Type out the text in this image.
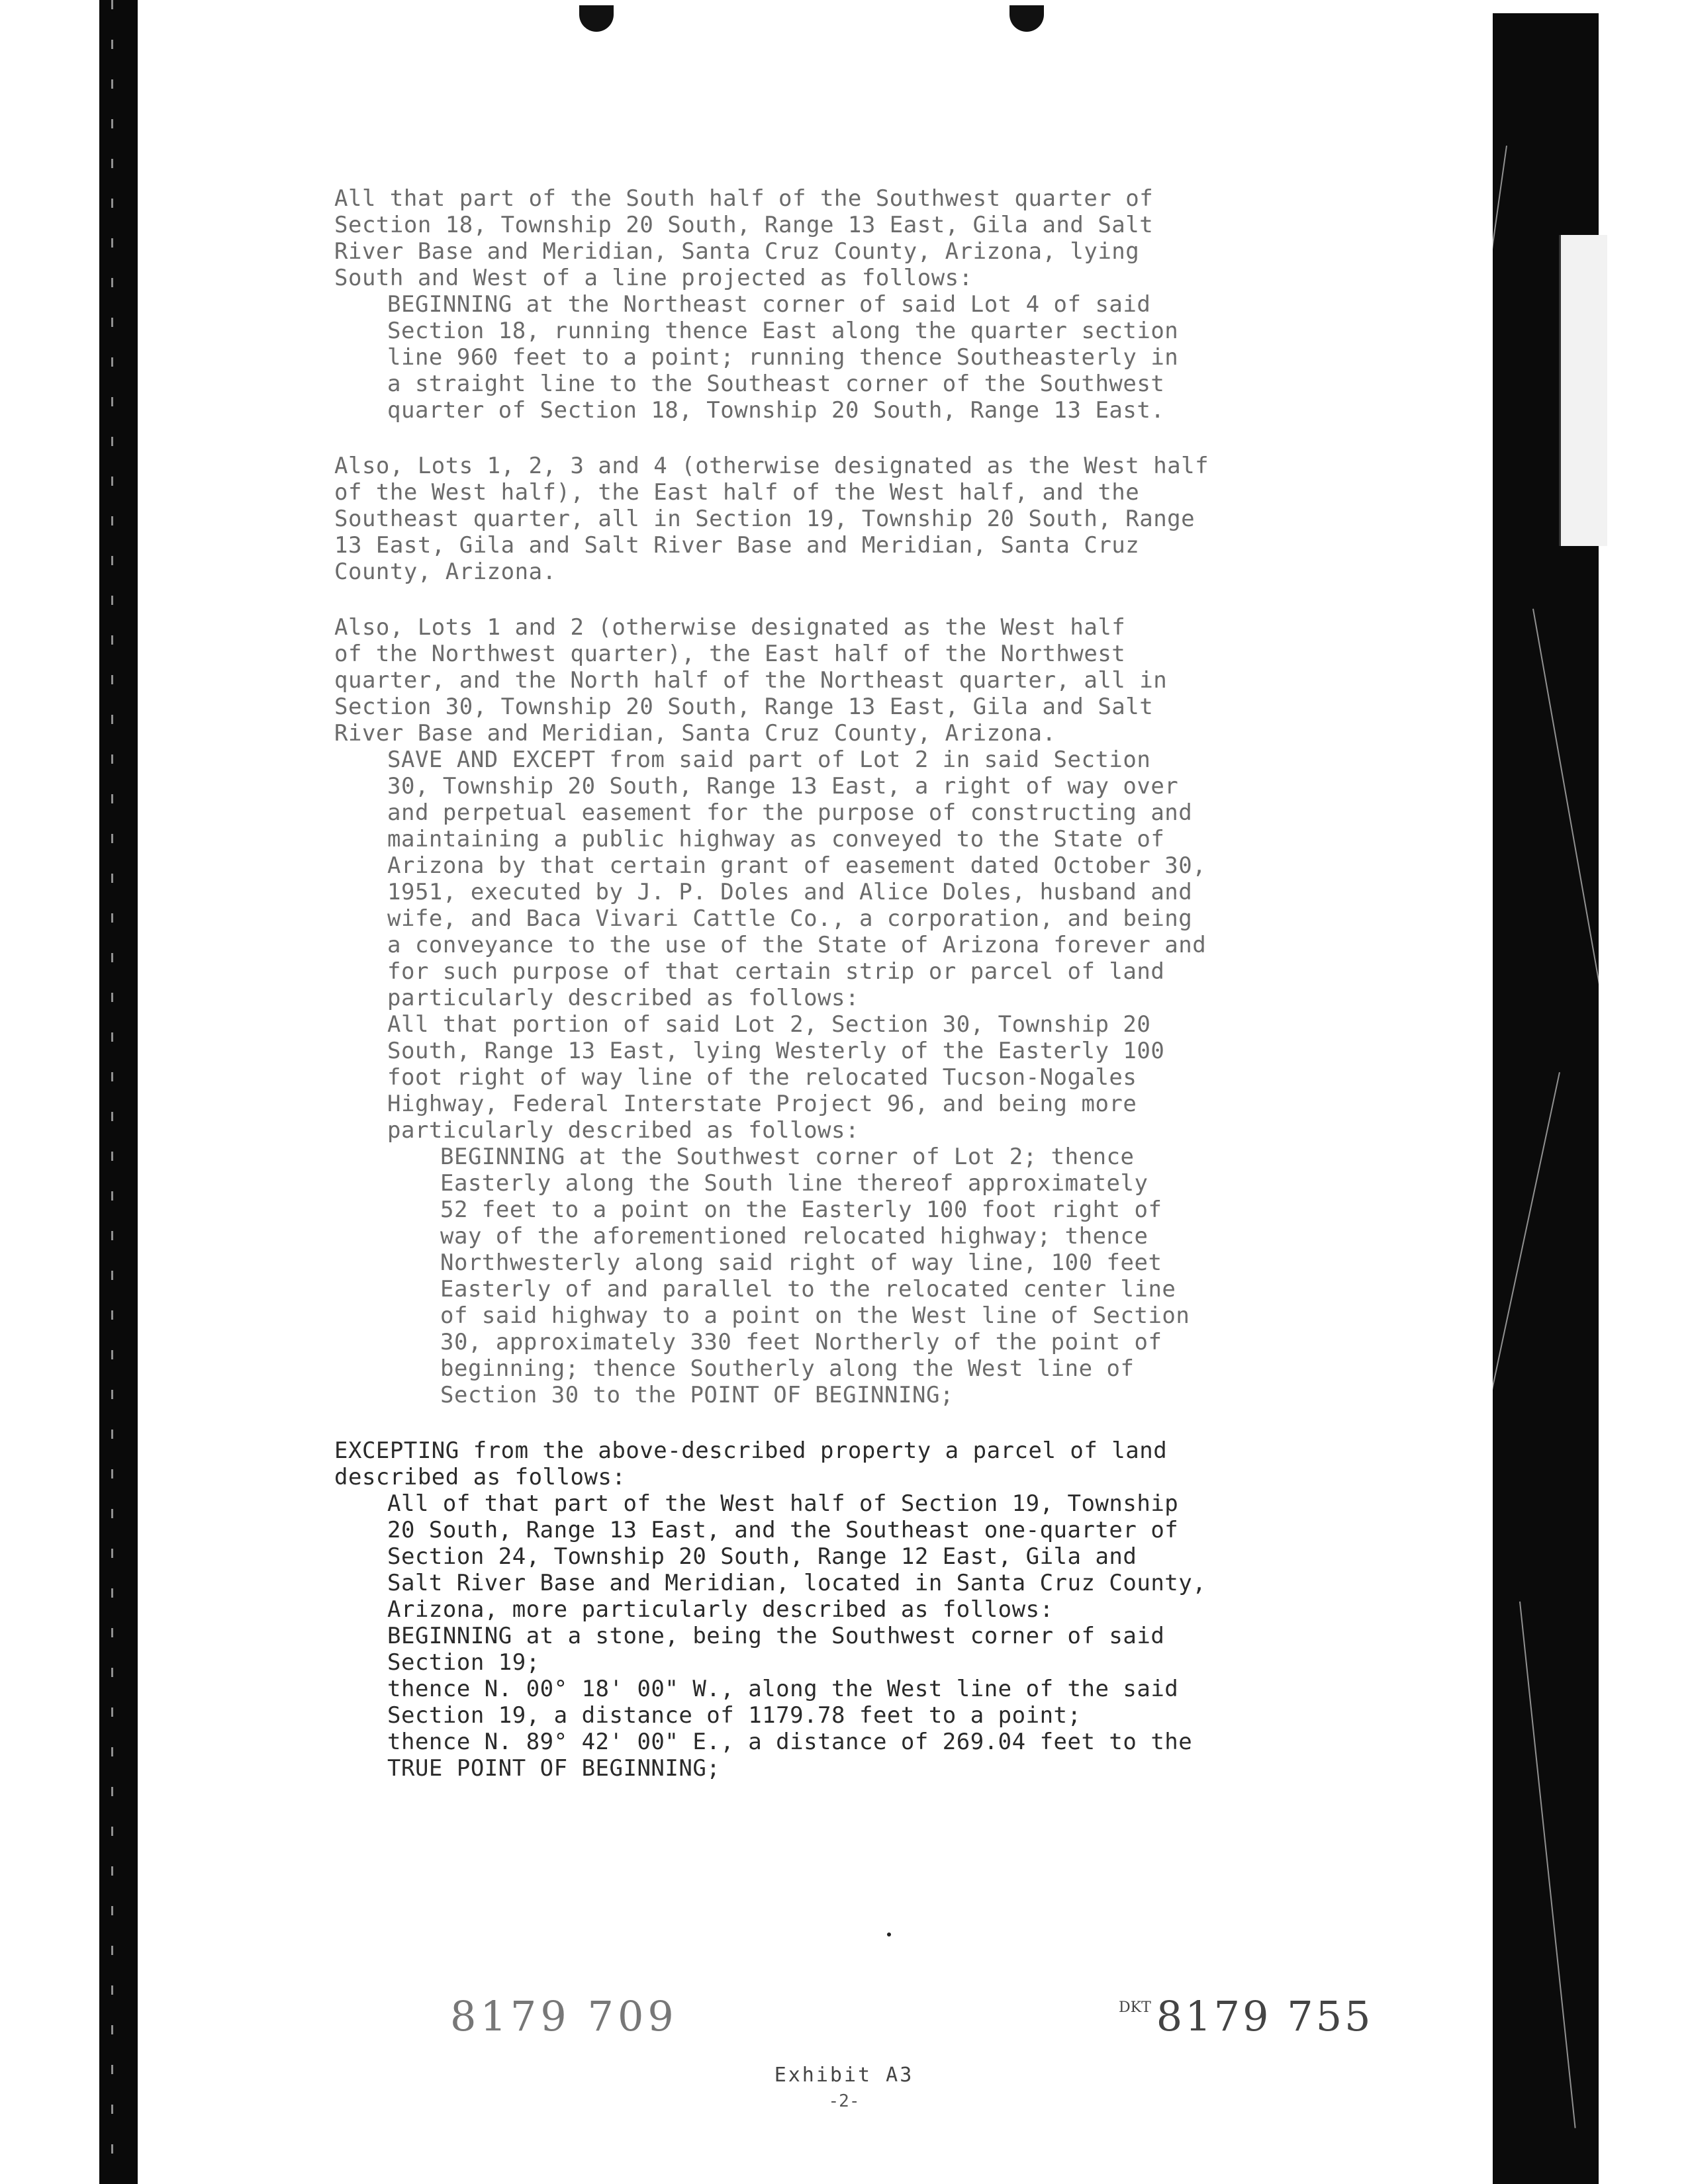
All that part of the South half of the Southwest quarter of
Section 18, Township 20 South, Range 13 East, Gila and Salt
River Base and Meridian, Santa Cruz County, Arizona, lying
South and West of a line projected as follows:
BEGINNING at the Northeast corner of said Lot 4 of said
Section 18, running thence East along the quarter section
line 960 feet to a point; running thence Southeasterly in
a straight line to the Southeast corner of the Southwest
quarter of Section 18, Township 20 South, Range 13 East.
Also, Lots 1, 2, 3 and 4 (otherwise designated as the West half
of the West half), the East half of the West half, and the
Southeast quarter, all in Section 19, Township 20 South, Range
13 East, Gila and Salt River Base and Meridian, Santa Cruz
County, Arizona.
Also, Lots 1 and 2 (otherwise designated as the West half
of the Northwest quarter), the East half of the Northwest
quarter, and the North half of the Northeast quarter, all in
Section 30, Township 20 South, Range 13 East, Gila and Salt
River Base and Meridian, Santa Cruz County, Arizona.
SAVE AND EXCEPT from said part of Lot 2 in said Section
30, Township 20 South, Range 13 East, a right of way over
and perpetual easement for the purpose of constructing and
maintaining a public highway as conveyed to the State of
Arizona by that certain grant of easement dated October 30,
1951, executed by J. P. Doles and Alice Doles, husband and
wife, and Baca Vivari Cattle Co., a corporation, and being
a conveyance to the use of the State of Arizona forever and
for such purpose of that certain strip or parcel of land
particularly described as follows:
All that portion of said Lot 2, Section 30, Township 20
South, Range 13 East, lying Westerly of the Easterly 100
foot right of way line of the relocated Tucson-Nogales
Highway, Federal Interstate Project 96, and being more
particularly described as follows:
BEGINNING at the Southwest corner of Lot 2; thence
Easterly along the South line thereof approximately
52 feet to a point on the Easterly 100 foot right of
way of the aforementioned relocated highway; thence
Northwesterly along said right of way line, 100 feet
Easterly of and parallel to the relocated center line
of said highway to a point on the West line of Section
30, approximately 330 feet Northerly of the point of
beginning; thence Southerly along the West line of
Section 30 to the POINT OF BEGINNING;
EXCEPTING from the above-described property a parcel of land
described as follows:
All of that part of the West half of Section 19, Township
20 South, Range 13 East, and the Southeast one-quarter of
Section 24, Township 20 South, Range 12 East, Gila and
Salt River Base and Meridian, located in Santa Cruz County,
Arizona, more particularly described as follows:
BEGINNING at a stone, being the Southwest corner of said
Section 19;
thence N. 00° 18' 00" W., along the West line of the said
Section 19, a distance of 1179.78 feet to a point;
thence N. 89° 42' 00" E., a distance of 269.04 feet to the
TRUE POINT OF BEGINNING;
8179 709	$^{DKT}$ 8179 755
Exhibit A3
-2-
